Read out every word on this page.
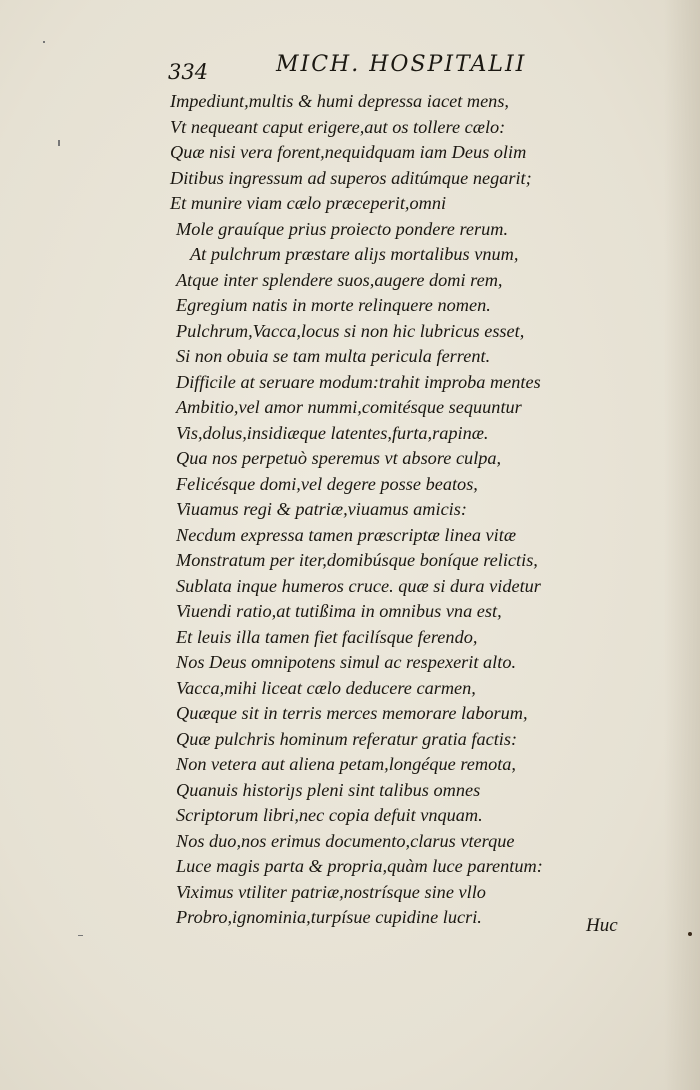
334	MICH. HOSPITALII
Impediunt,multis & humi depressa iacet mens,
Vt nequeant caput erigere,aut os tollere cælo:
Quæ nisi vera forent,nequidquam iam Deus olim
Ditibus ingressum ad superos aditúmque negarit;
Et munire viam cælo præceperit,omni
Mole grauíque prius proiecto pondere rerum.
At pulchrum præstare aliȷs mortalibus vnum,
Atque inter splendere suos,augere domi rem,
Egregium natis in morte relinquere nomen.
Pulchrum,Vacca,locus si non hic lubricus esset,
Si non obuia se tam multa pericula ferrent.
Difficile at seruare modum:trahit improba mentes
Ambitio,vel amor nummi,comitésque sequuntur
Vis,dolus,insidiæque latentes,furta,rapinæ.
Qua nos perpetuò speremus vt absore culpa,
Felicésque domi,vel degere posse beatos,
Viuamus regi & patriæ,viuamus amicis:
Necdum expressa tamen præscriptæ linea vitæ
Monstratum per iter,domibúsque boníque relictis,
Sublata inque humeros cruce. quæ si dura videtur
Viuendi ratio,at tutißima in omnibus vna est,
Et leuis illa tamen fiet facilísque ferendo,
Nos Deus omnipotens simul ac respexerit alto.
Vacca,mihi liceat cælo deducere carmen,
Quæque sit in terris merces memorare laborum,
Quæ pulchris hominum referatur gratia factis:
Non vetera aut aliena petam,longéque remota,
Quanuis historiȷs pleni sint talibus omnes
Scriptorum libri,nec copia defuit vnquam.
Nos duo,nos erimus documento,clarus vterque
Luce magis parta & propria,quàm luce parentum:
Viximus vtiliter patriæ,nostrísque sine vllo
Probro,ignominia,turpísue cupidine lucri.	Huc
